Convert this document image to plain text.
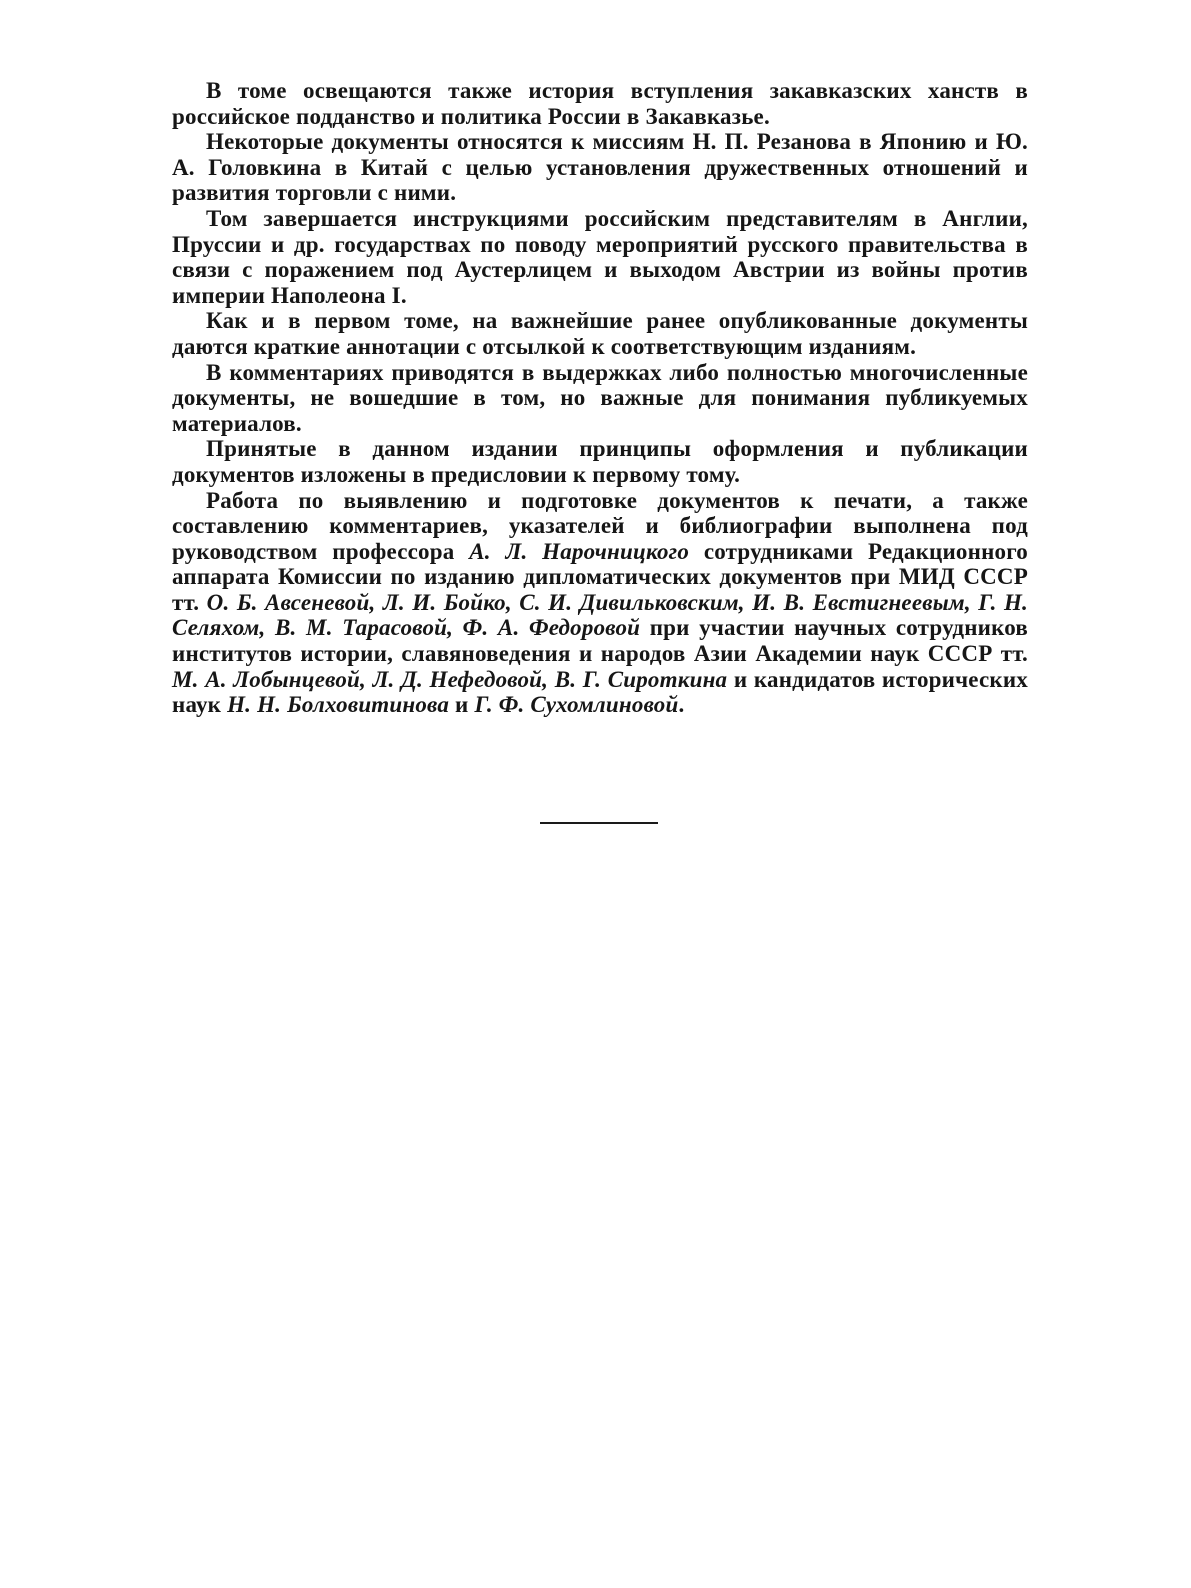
В томе освещаются также история вступления закавказских ханств в российское подданство и политика России в Закавказье.

Некоторые документы относятся к миссиям Н. П. Резанова в Японию и Ю. А. Головкина в Китай с целью установления дружественных отношений и развития торговли с ними.

Том завершается инструкциями российским представителям в Англии, Пруссии и др. государствах по поводу мероприятий русского правительства в связи с поражением под Аустерлицем и выходом Австрии из войны против империи Наполеона I.

Как и в первом томе, на важнейшие ранее опубликованные документы даются краткие аннотации с отсылкой к соответствующим изданиям.

В комментариях приводятся в выдержках либо полностью многочисленные документы, не вошедшие в том, но важные для понимания публикуемых материалов.

Принятые в данном издании принципы оформления и публикации документов изложены в предисловии к первому тому.

Работа по выявлению и подготовке документов к печати, а также составлению комментариев, указателей и библиографии выполнена под руководством профессора А. Л. Нарочницкого сотрудниками Редакционного аппарата Комиссии по изданию дипломатических документов при МИД СССР тт. О. Б. Авсеневой, Л. И. Бойко, С. И. Дивильковским, И. В. Евстигнеевым, Г. Н. Селяхом, В. М. Тарасовой, Ф. А. Федоровой при участии научных сотрудников институтов истории, славяноведения и народов Азии Академии наук СССР тт. М. А. Лобынцевой, Л. Д. Нефедовой, В. Г. Сироткина и кандидатов исторических наук Н. Н. Болховитинова и Г. Ф. Сухомлиновой.
